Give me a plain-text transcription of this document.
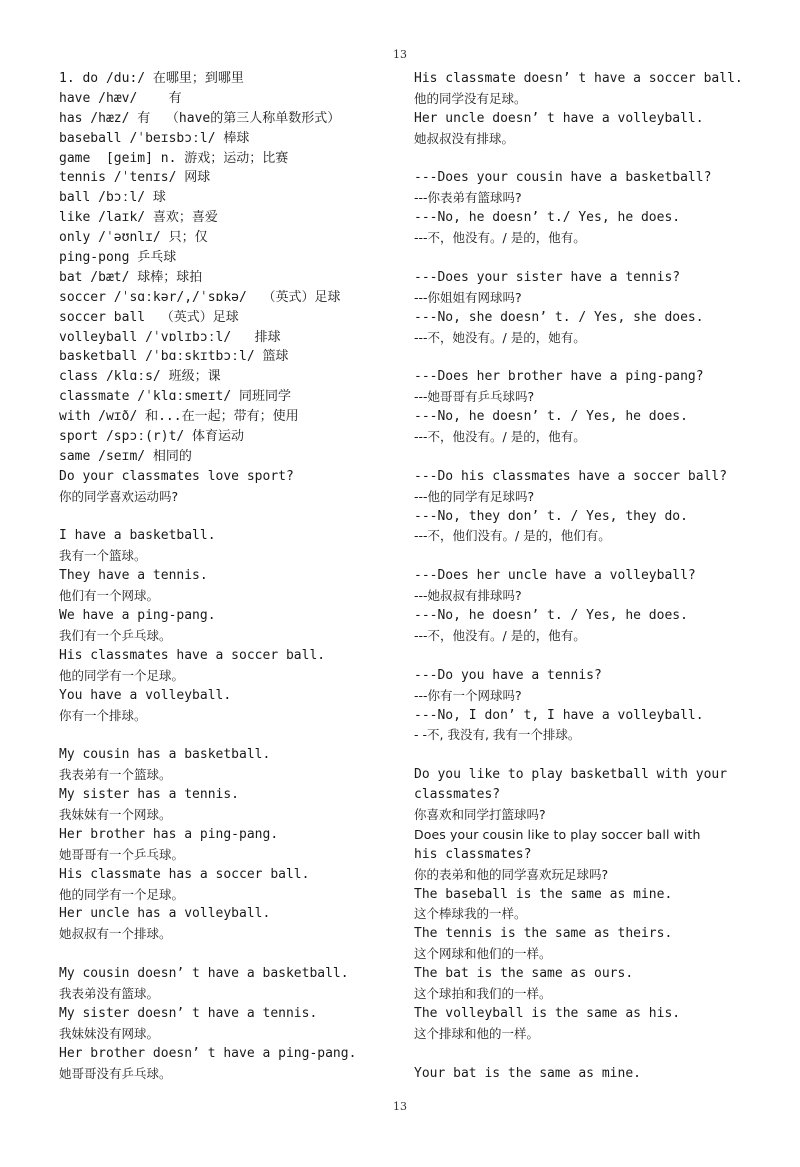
13
1. do /du:/ 在哪里；到哪里
have /hæv/    有
has /hæz/ 有  （have的第三人称单数形式）
baseball /ˈbeɪsbɔːl/ 棒球
game  [geim] n. 游戏；运动；比赛
tennis /ˈtenɪs/ 网球
ball /bɔːl/ 球
like /laɪk/ 喜欢；喜爱
only /ˈəʊnlɪ/ 只；仅
ping-pong 乒乓球
bat /bæt/ 球棒；球拍
soccer /ˈsɑːkər/,/ˈsɒkə/  （英式）足球
soccer ball  （英式）足球
volleyball /ˈvɒlɪbɔːl/   排球
basketball /ˈbɑːskɪtbɔːl/ 篮球
class /klɑːs/ 班级；课
classmate /ˈklɑːsmeɪt/ 同班同学
with /wɪð/ 和...在一起；带有；使用
sport /spɔː(r)t/ 体育运动
same /seɪm/ 相同的
Do your classmates love sport?
你的同学喜欢运动吗?
I have a basketball.
我有一个篮球。
They have a tennis.
他们有一个网球。
We have a ping-pang.
我们有一个乒乓球。
His classmates have a soccer ball.
他的同学有一个足球。
You have a volleyball.
你有一个排球。
My cousin has a basketball.
我表弟有一个篮球。
My sister has a tennis.
我妹妹有一个网球。
Her brother has a ping-pang.
她哥哥有一个乒乓球。
His classmate has a soccer ball.
他的同学有一个足球。
Her uncle has a volleyball.
她叔叔有一个排球。
My cousin doesn’ t have a basketball.
我表弟没有篮球。
My sister doesn’ t have a tennis.
我妹妹没有网球。
Her brother doesn’ t have a ping-pang.
她哥哥没有乒乓球。
His classmate doesn’ t have a soccer ball.
他的同学没有足球。
Her uncle doesn’ t have a volleyball.
她叔叔没有排球。
---Does your cousin have a basketball?
---你表弟有篮球吗?
---No, he doesn’ t./ Yes, he does.
---不，他没有。/ 是的，他有。
---Does your sister have a tennis?
---你姐姐有网球吗?
---No, she doesn’ t. / Yes, she does.
---不，她没有。/ 是的，她有。
---Does her brother have a ping-pang?
---她哥哥有乒乓球吗?
---No, he doesn’ t. / Yes, he does.
---不，他没有。/ 是的，他有。
---Do his classmates have a soccer ball?
---他的同学有足球吗?
---No, they don’ t. / Yes, they do.
---不，他们没有。/ 是的，他们有。
---Does her uncle have a volleyball?
---她叔叔有排球吗?
---No, he doesn’ t. / Yes, he does.
---不，他没有。/ 是的，他有。
---Do you have a tennis?
---你有一个网球吗?
---No, I don’ t, I have a volleyball.
- -不, 我没有, 我有一个排球。
Do you like to play basketball with your
classmates?
你喜欢和同学打篮球吗?
Does your cousin like to play soccer ball with
his classmates?
你的表弟和他的同学喜欢玩足球吗?
The baseball is the same as mine.
这个棒球我的一样。
The tennis is the same as theirs.
这个网球和他们的一样。
The bat is the same as ours.
这个球拍和我们的一样。
The volleyball is the same as his.
这个排球和他的一样。
Your bat is the same as mine.
13
